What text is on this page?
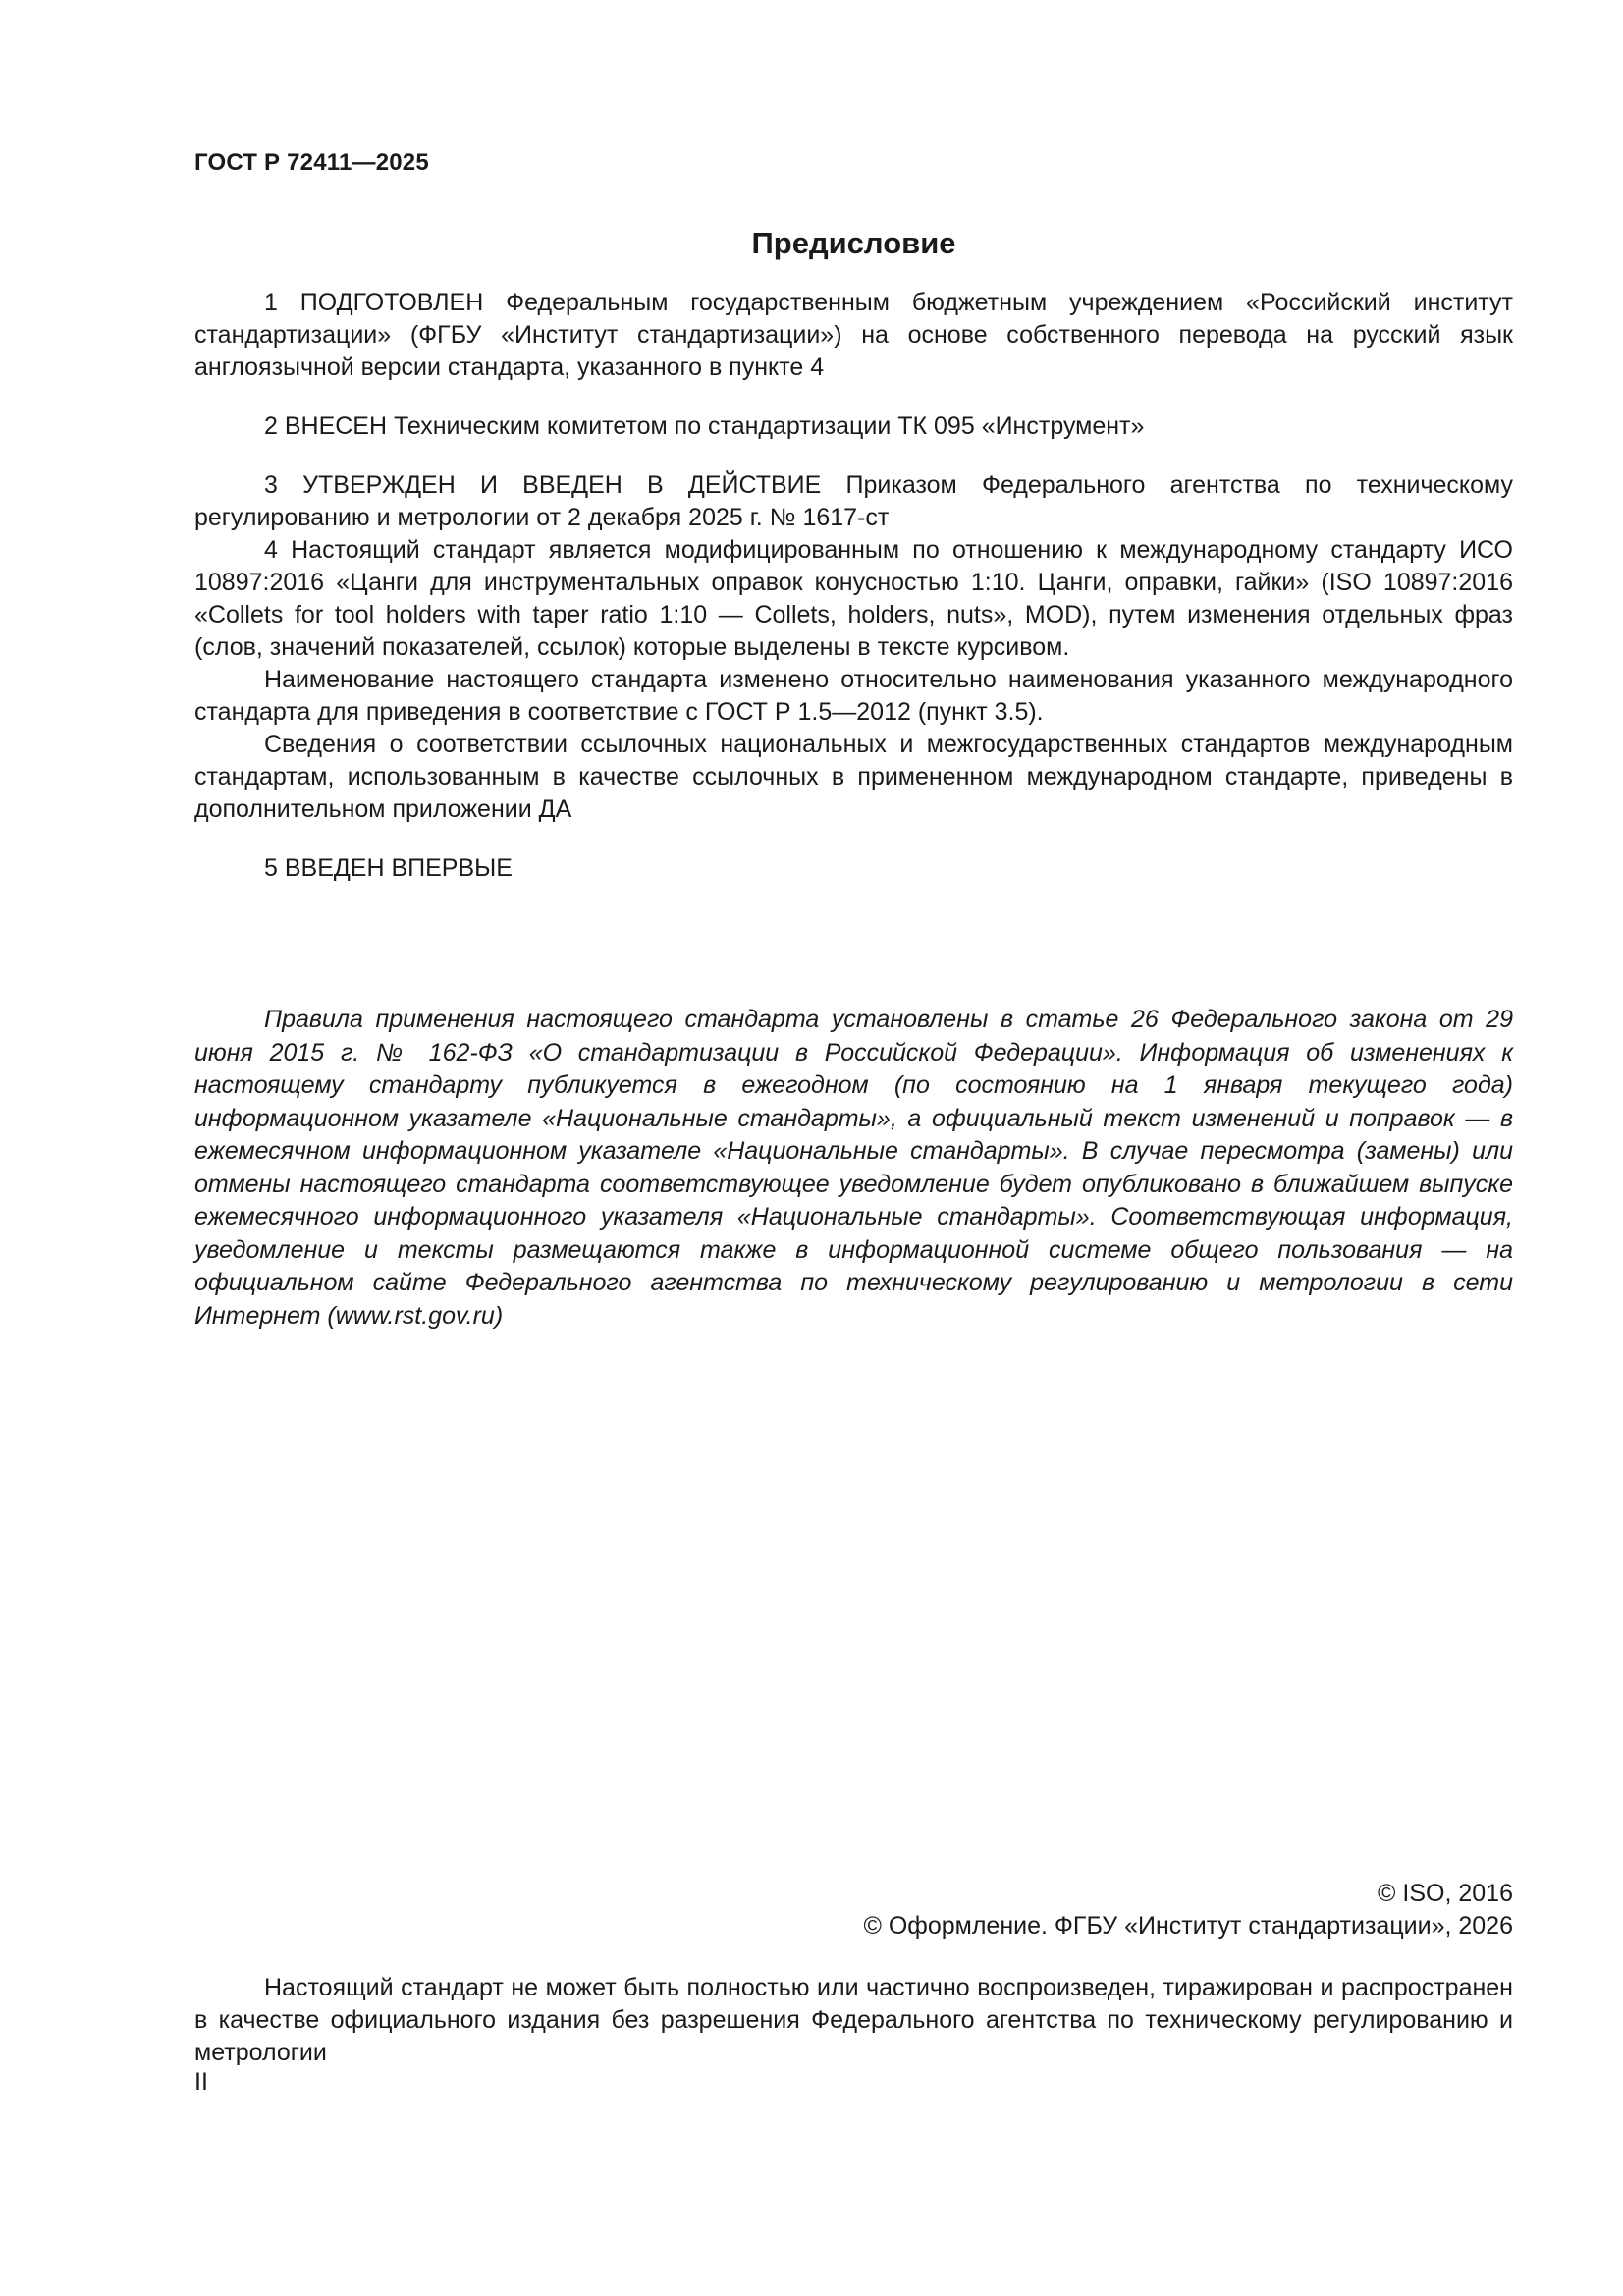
ГОСТ Р 72411—2025
Предисловие

1 ПОДГОТОВЛЕН Федеральным государственным бюджетным учреждением «Российский институт стандартизации» (ФГБУ «Институт стандартизации») на основе собственного перевода на русский язык англоязычной версии стандарта, указанного в пункте 4

2 ВНЕСЕН Техническим комитетом по стандартизации ТК 095 «Инструмент»

3 УТВЕРЖДЕН И ВВЕДЕН В ДЕЙСТВИЕ Приказом Федерального агентства по техническому регулированию и метрологии от 2 декабря 2025 г. № 1617-ст

4 Настоящий стандарт является модифицированным по отношению к международному стандарту ИСО 10897:2016 «Цанги для инструментальных оправок конусностью 1:10. Цанги, оправки, гайки» (ISO 10897:2016 «Collets for tool holders with taper ratio 1:10 — Collets, holders, nuts», MOD), путем изменения отдельных фраз (слов, значений показателей, ссылок) которые выделены в тексте курсивом.

Наименование настоящего стандарта изменено относительно наименования указанного международного стандарта для приведения в соответствие с ГОСТ Р 1.5—2012 (пункт 3.5).

Сведения о соответствии ссылочных национальных и межгосударственных стандартов международным стандартам, использованным в качестве ссылочных в примененном международном стандарте, приведены в дополнительном приложении ДА

5 ВВЕДЕН ВПЕРВЫЕ

Правила применения настоящего стандарта установлены в статье 26 Федерального закона от 29 июня 2015 г. № 162-ФЗ «О стандартизации в Российской Федерации». Информация об изменениях к настоящему стандарту публикуется в ежегодном (по состоянию на 1 января текущего года) информационном указателе «Национальные стандарты», а официальный текст изменений и поправок — в ежемесячном информационном указателе «Национальные стандарты». В случае пересмотра (замены) или отмены настоящего стандарта соответствующее уведомление будет опубликовано в ближайшем выпуске ежемесячного информационного указателя «Национальные стандарты». Соответствующая информация, уведомление и тексты размещаются также в информационной системе общего пользования — на официальном сайте Федерального агентства по техническому регулированию и метрологии в сети Интернет (www.rst.gov.ru)

© ISO, 2016
© Оформление. ФГБУ «Институт стандартизации», 2026

Настоящий стандарт не может быть полностью или частично воспроизведен, тиражирован и распространен в качестве официального издания без разрешения Федерального агентства по техническому регулированию и метрологии

II
